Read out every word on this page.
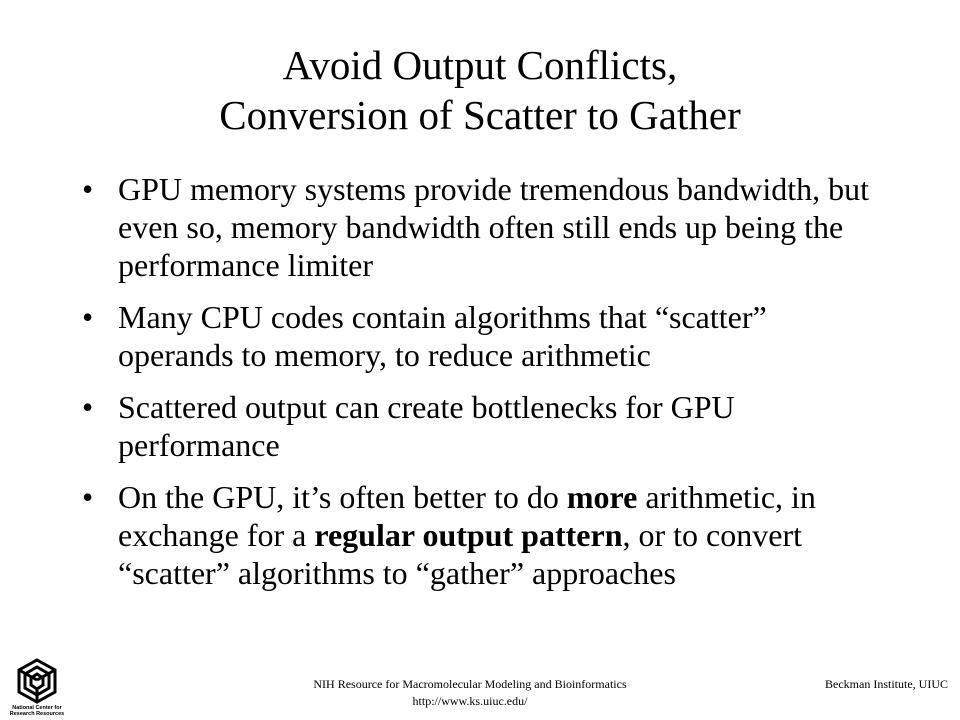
Avoid Output Conflicts,
Conversion of Scatter to Gather
• GPU memory systems provide tremendous bandwidth, but even so, memory bandwidth often still ends up being the performance limiter
• Many CPU codes contain algorithms that “scatter” operands to memory, to reduce arithmetic
• Scattered output can create bottlenecks for GPU performance
• On the GPU, it’s often better to do more arithmetic, in exchange for a regular output pattern, or to convert “scatter” algorithms to “gather” approaches
National Center for
Research Resources
NIH Resource for Macromolecular Modeling and Bioinformatics
http://www.ks.uiuc.edu/
Beckman Institute, UIUC
